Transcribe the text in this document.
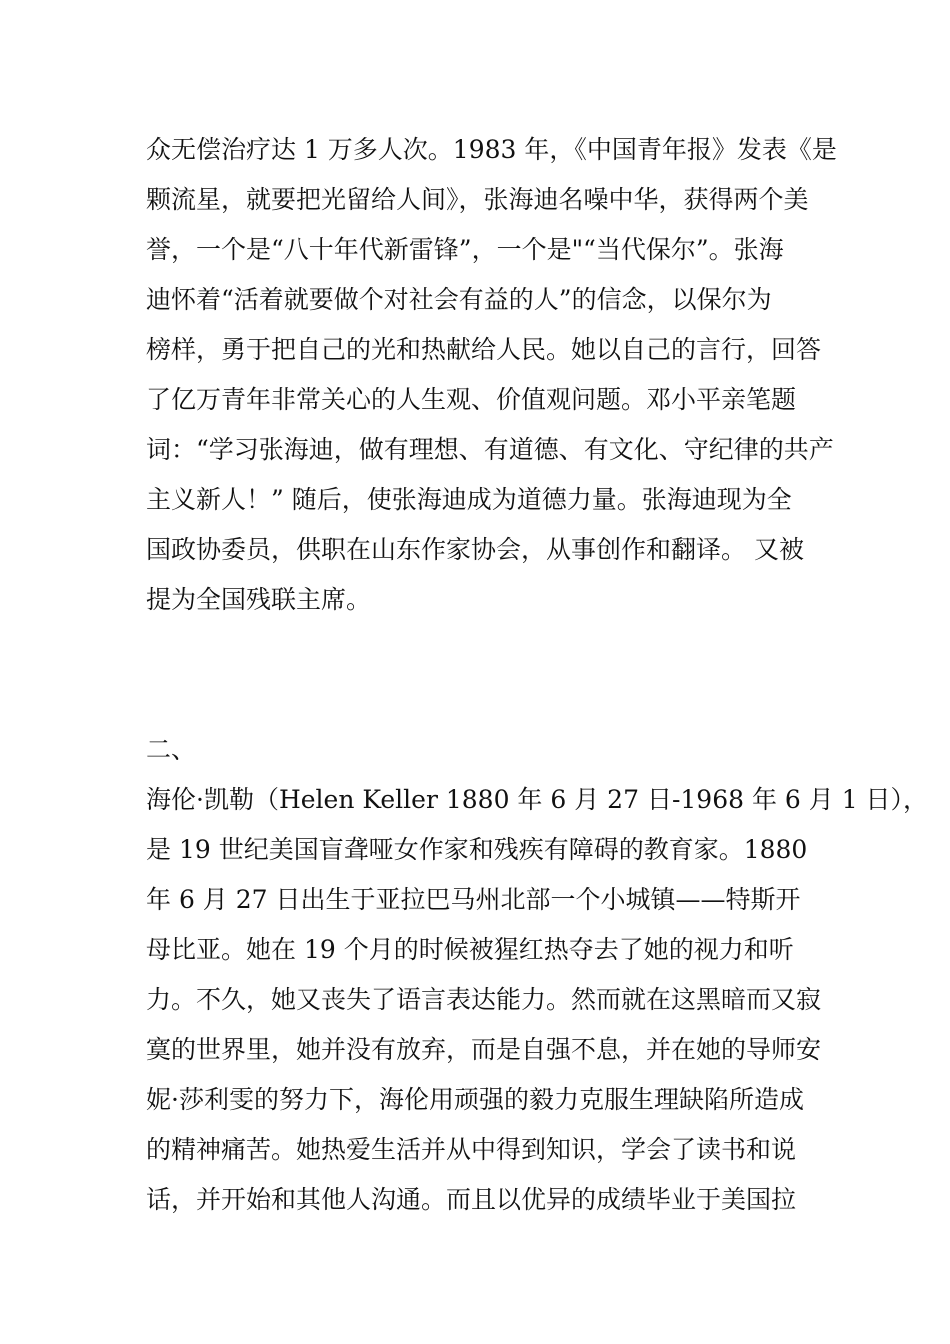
众无偿治疗达 1 万多人次。1983 年，《中国青年报》发表《是
颗流星，就要把光留给人间》，张海迪名噪中华，获得两个美
誉，一个是“八十年代新雷锋”，一个是"“当代保尔”。张海
迪怀着“活着就要做个对社会有益的人”的信念，以保尔为
榜样，勇于把自己的光和热献给人民。她以自己的言行，回答
了亿万青年非常关心的人生观、价值观问题。邓小平亲笔题
词：“学习张海迪，做有理想、有道德、有文化、守纪律的共产
主义新人！” 随后，使张海迪成为道德力量。张海迪现为全
国政协委员，供职在山东作家协会，从事创作和翻译。 又被
提为全国残联主席。
二、
海伦·凯勒（Helen Keller 1880 年 6 月 27 日-1968 年 6 月 1 日），
是 19 世纪美国盲聋哑女作家和残疾有障碍的教育家。1880
年 6 月 27 日出生于亚拉巴马州北部一个小城镇——特斯开
母比亚。她在 19 个月的时候被猩红热夺去了她的视力和听
力。不久，她又丧失了语言表达能力。然而就在这黑暗而又寂
寞的世界里，她并没有放弃，而是自强不息，并在她的导师安
妮·莎利雯的努力下，海伦用顽强的毅力克服生理缺陷所造成
的精神痛苦。她热爱生活并从中得到知识，学会了读书和说
话，并开始和其他人沟通。而且以优异的成绩毕业于美国拉
